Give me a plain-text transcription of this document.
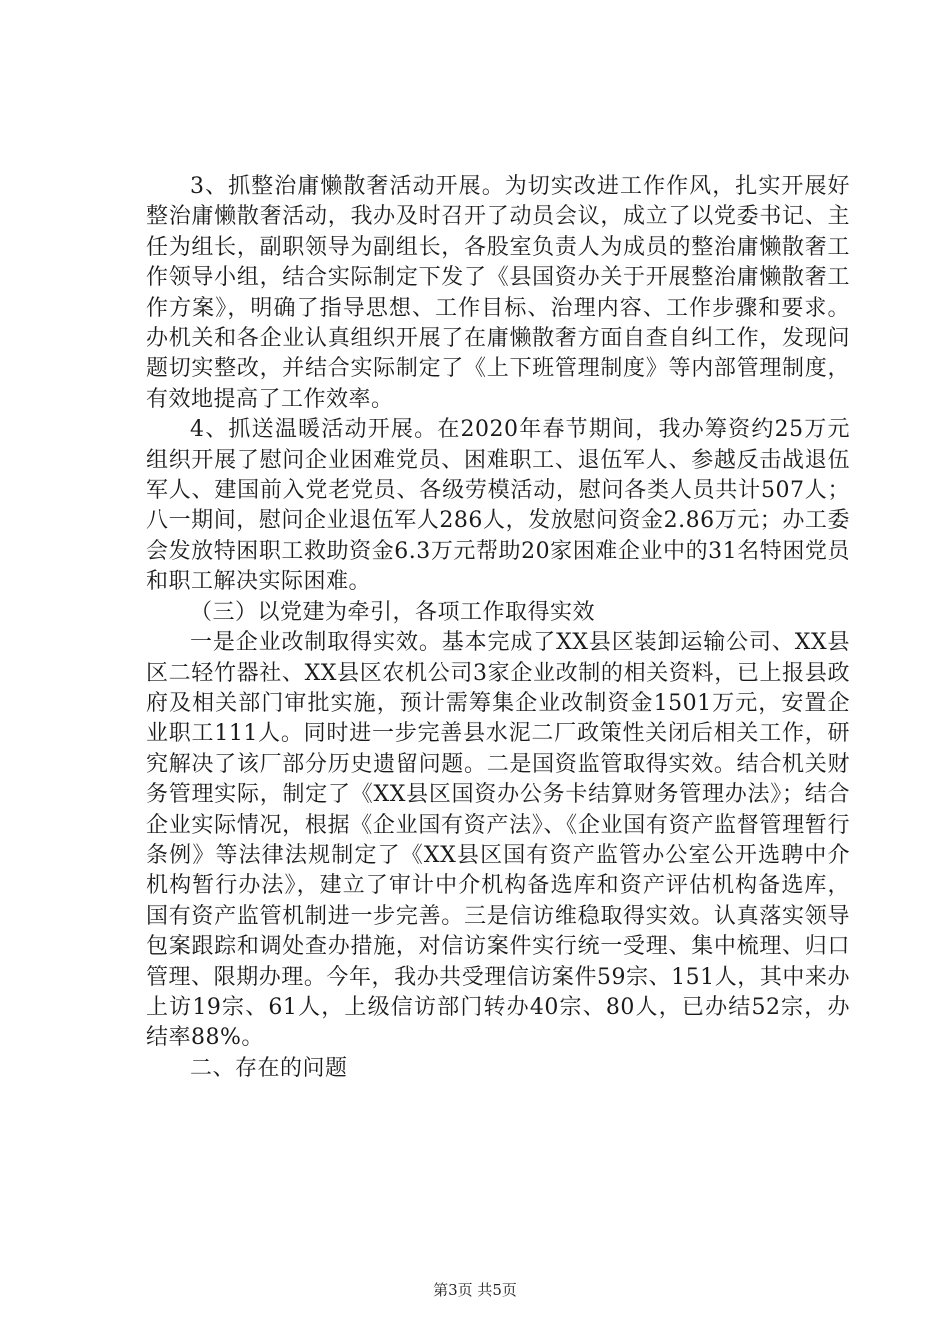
3、抓整治庸懒散奢活动开展。为切实改进工作作风，扎实开展好整治庸懒散奢活动，我办及时召开了动员会议，成立了以党委书记、主任为组长，副职领导为副组长，各股室负责人为成员的整治庸懒散奢工作领导小组，结合实际制定下发了《县国资办关于开展整治庸懒散奢工作方案》，明确了指导思想、工作目标、治理内容、工作步骤和要求。办机关和各企业认真组织开展了在庸懒散奢方面自查自纠工作，发现问题切实整改，并结合实际制定了《上下班管理制度》等内部管理制度，有效地提高了工作效率。

4、抓送温暖活动开展。在2020年春节期间，我办筹资约25万元组织开展了慰问企业困难党员、困难职工、退伍军人、参越反击战退伍军人、建国前入党老党员、各级劳模活动，慰问各类人员共计507人；八一期间，慰问企业退伍军人286人，发放慰问资金2.86万元；办工委会发放特困职工救助资金6.3万元帮助20家困难企业中的31名特困党员和职工解决实际困难。

（三）以党建为牵引，各项工作取得实效

一是企业改制取得实效。基本完成了XX县区装卸运输公司、XX县区二轻竹器社、XX县区农机公司3家企业改制的相关资料，已上报县政府及相关部门审批实施，预计需筹集企业改制资金1501万元，安置企业职工111人。同时进一步完善县水泥二厂政策性关闭后相关工作，研究解决了该厂部分历史遗留问题。二是国资监管取得实效。结合机关财务管理实际，制定了《XX县区国资办公务卡结算财务管理办法》；结合企业实际情况，根据《企业国有资产法》、《企业国有资产监督管理暂行条例》等法律法规制定了《XX县区国有资产监管办公室公开选聘中介机构暂行办法》，建立了审计中介机构备选库和资产评估机构备选库，国有资产监管机制进一步完善。三是信访维稳取得实效。认真落实领导包案跟踪和调处查办措施，对信访案件实行统一受理、集中梳理、归口管理、限期办理。今年，我办共受理信访案件59宗、151人，其中来办上访19宗、61人，上级信访部门转办40宗、80人，已办结52宗，办结率88%。

二、存在的问题

第3页 共5页
